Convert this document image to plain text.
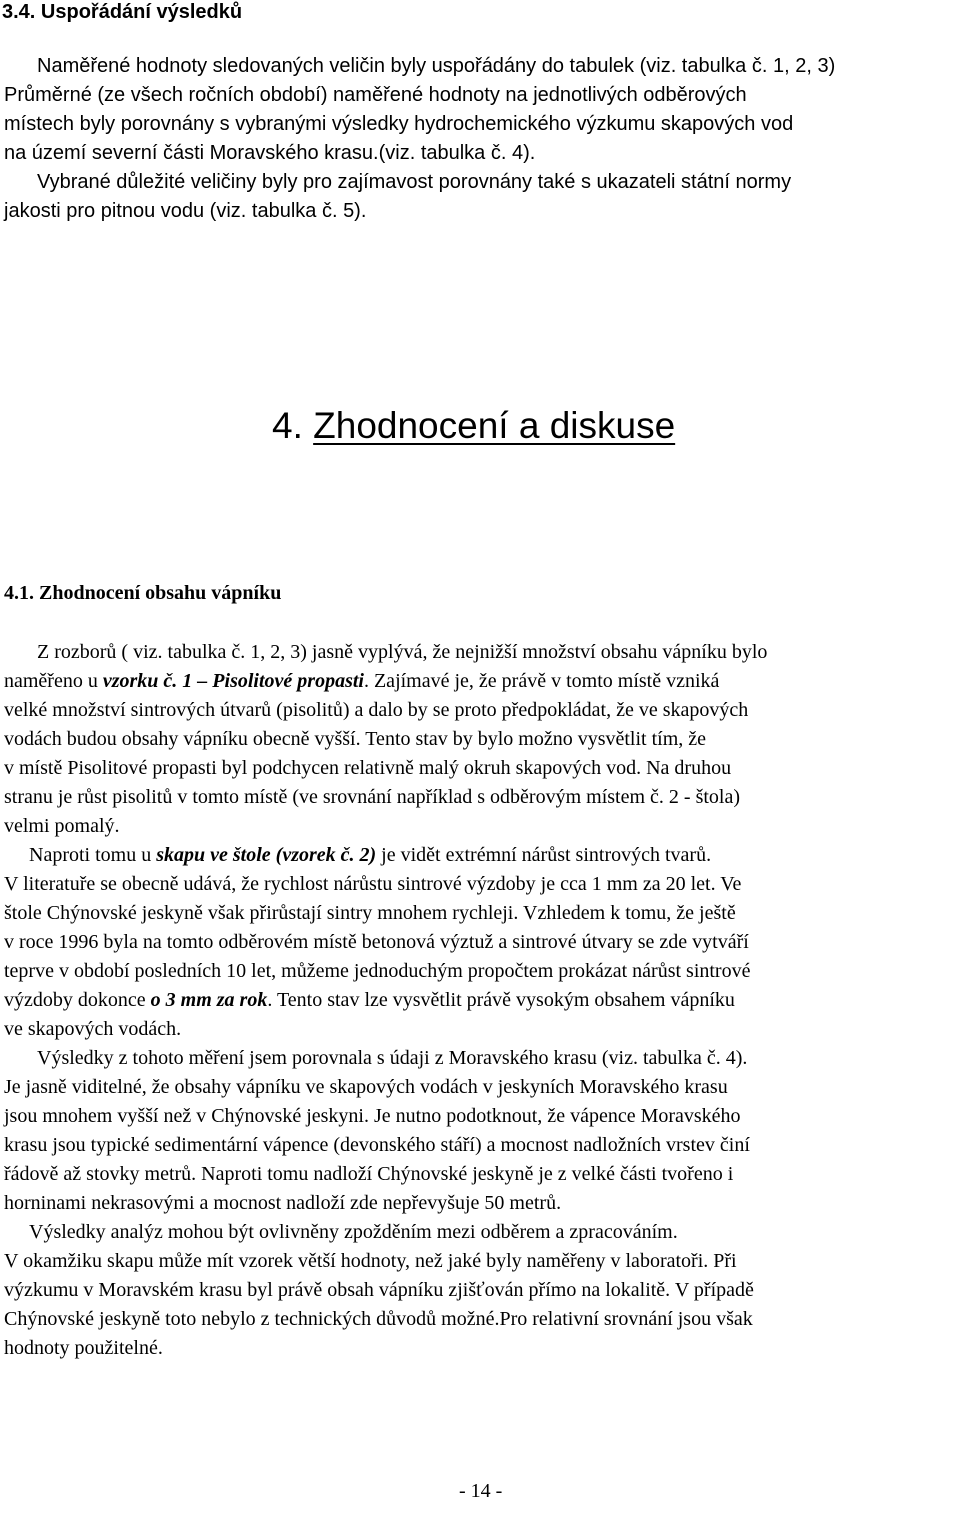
3.4. Uspořádání výsledků

Naměřené hodnoty sledovaných veličin byly uspořádány do tabulek (viz. tabulka č. 1, 2, 3)
Průměrné (ze všech ročních období) naměřené hodnoty na jednotlivých odběrových
místech byly porovnány s vybranými výsledky hydrochemického výzkumu skapových vod
na území severní části Moravského krasu.(viz. tabulka č. 4).
Vybrané důležité veličiny byly pro zajímavost porovnány také s ukazateli státní normy
jakosti pro pitnou vodu (viz. tabulka č. 5).

4. Zhodnocení a diskuse
4.1. Zhodnocení obsahu vápníku

Z rozborů ( viz. tabulka č. 1, 2, 3) jasně vyplývá, že nejnižší množství obsahu vápníku bylo
naměřeno u vzorku č. 1 – Pisolitové propasti. Zajímavé je, že právě v tomto místě vzniká
velké množství sintrových útvarů (pisolitů) a dalo by se proto předpokládat, že ve skapových
vodách budou obsahy vápníku obecně vyšší. Tento stav by bylo možno vysvětlit tím, že
v místě Pisolitové propasti byl podchycen relativně malý okruh skapových vod. Na druhou
stranu je růst pisolitů v tomto místě (ve srovnání například s odběrovým místem č. 2 - štola)
velmi pomalý.

Naproti tomu u skapu ve štole (vzorek č. 2) je vidět extrémní nárůst sintrových tvarů.
V literatuře se obecně udává, že rychlost nárůstu sintrové výzdoby je cca 1 mm za 20 let. Ve
štole Chýnovské jeskyně však přirůstají sintry mnohem rychleji. Vzhledem k tomu, že ještě
v roce 1996 byla na tomto odběrovém místě betonová výztuž a sintrové útvary se zde vytváří
teprve v období posledních 10 let, můžeme jednoduchým propočtem prokázat nárůst sintrové
výzdoby dokonce o 3 mm za rok. Tento stav lze vysvětlit právě vysokým obsahem vápníku
ve skapových vodách.

Výsledky z tohoto měření jsem porovnala s údaji z Moravského krasu (viz. tabulka č. 4).
Je jasně viditelné, že obsahy vápníku ve skapových vodách v jeskyních Moravského krasu
jsou mnohem vyšší než v Chýnovské jeskyni. Je nutno podotknout, že vápence Moravského
krasu jsou typické sedimentární vápence (devonského stáří) a mocnost nadložních vrstev činí
řádově až stovky metrů. Naproti tomu nadloží Chýnovské jeskyně je z velké části tvořeno i
horninami nekrasovými a mocnost nadloží zde nepřevyšuje 50 metrů.

Výsledky analýz mohou být ovlivněny zpožděním mezi odběrem a zpracováním.
V okamžiku skapu může mít vzorek větší hodnoty, než jaké byly naměřeny v laboratoři. Při
výzkumu v Moravském krasu byl právě obsah vápníku zjišťován přímo na lokalitě. V případě
Chýnovské jeskyně toto nebylo z technických důvodů možné.Pro relativní srovnání jsou však
hodnoty použitelné.

- 14 -
